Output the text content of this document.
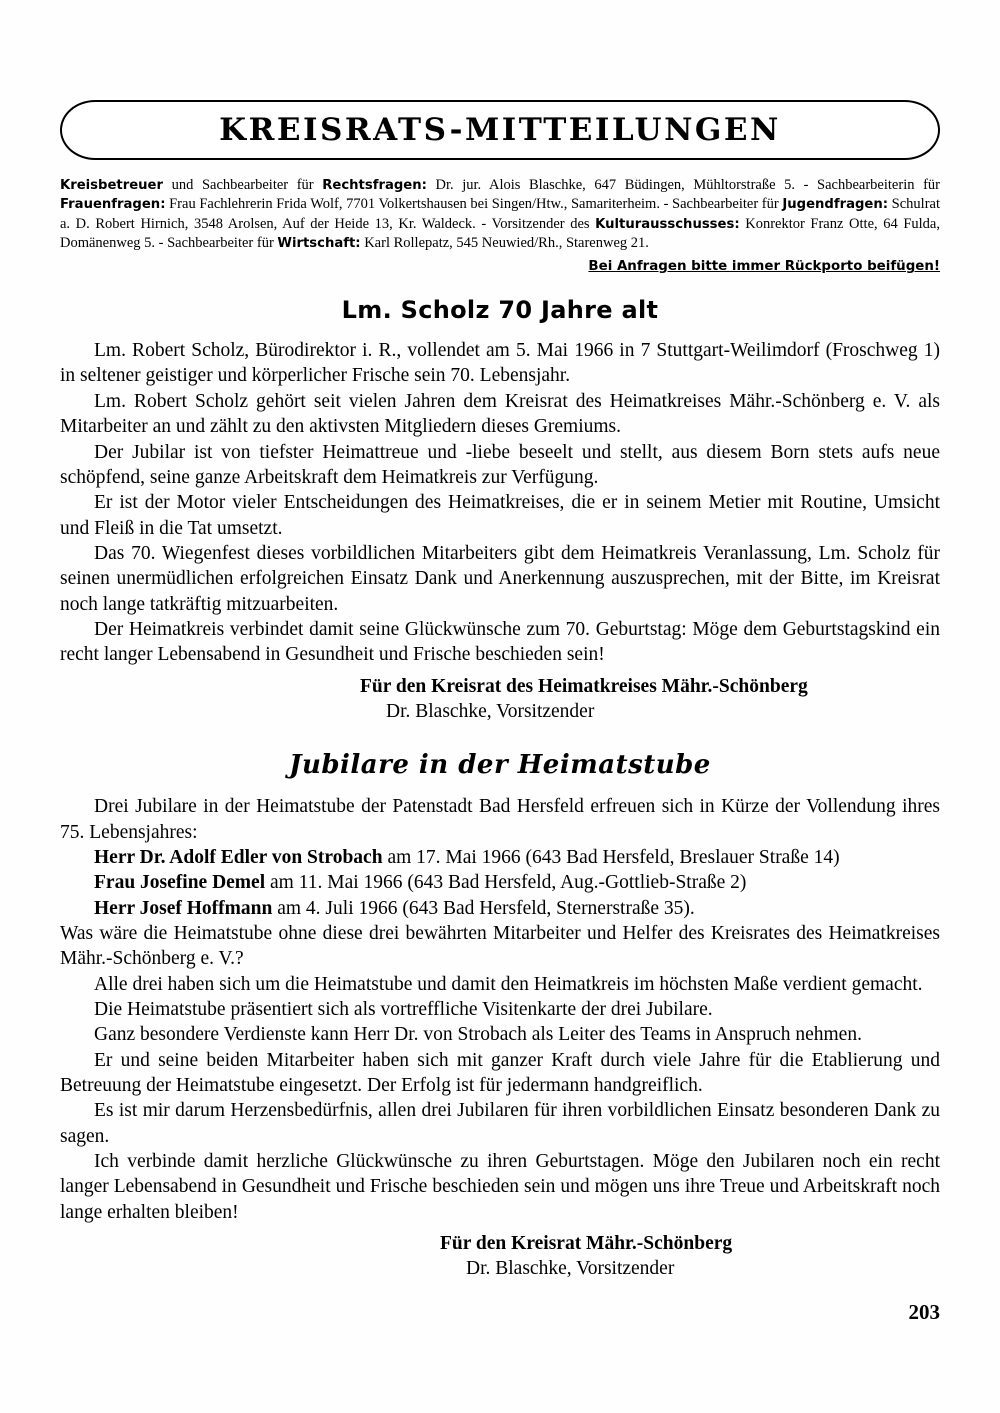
KREISRATS-MITTEILUNGEN
Kreisbetreuer und Sachbearbeiter für Rechtsfragen: Dr. jur. Alois Blaschke, 647 Büdingen, Mühltorstraße 5. - Sachbearbeiterin für Frauenfragen: Frau Fachlehrerin Frida Wolf, 7701 Volkertshausen bei Singen/Htw., Samariterheim. - Sachbearbeiter für Jugendfragen: Schulrat a. D. Robert Hirnich, 3548 Arolsen, Auf der Heide 13, Kr. Waldeck. - Vorsitzender des Kulturausschusses: Konrektor Franz Otte, 64 Fulda, Domänenweg 5. - Sachbearbeiter für Wirtschaft: Karl Rollepatz, 545 Neuwied/Rh., Starenweg 21.
Bei Anfragen bitte immer Rückporto beifügen!
Lm. Scholz 70 Jahre alt

Lm. Robert Scholz, Bürodirektor i. R., vollendet am 5. Mai 1966 in 7 Stuttgart-Weilimdorf (Froschweg 1) in seltener geistiger und körperlicher Frische sein 70. Lebensjahr.

Lm. Robert Scholz gehört seit vielen Jahren dem Kreisrat des Heimatkreises Mähr.-Schönberg e. V. als Mitarbeiter an und zählt zu den aktivsten Mitgliedern dieses Gremiums.

Der Jubilar ist von tiefster Heimattreue und -liebe beseelt und stellt, aus diesem Born stets aufs neue schöpfend, seine ganze Arbeitskraft dem Heimatkreis zur Verfügung.

Er ist der Motor vieler Entscheidungen des Heimatkreises, die er in seinem Metier mit Routine, Umsicht und Fleiß in die Tat umsetzt.

Das 70. Wiegenfest dieses vorbildlichen Mitarbeiters gibt dem Heimatkreis Veranlassung, Lm. Scholz für seinen unermüdlichen erfolgreichen Einsatz Dank und Anerkennung auszusprechen, mit der Bitte, im Kreisrat noch lange tatkräftig mitzuarbeiten.

Der Heimatkreis verbindet damit seine Glückwünsche zum 70. Geburtstag: Möge dem Geburtstagskind ein recht langer Lebensabend in Gesundheit und Frische beschieden sein!

Für den Kreisrat des Heimatkreises Mähr.-Schönberg
Dr. Blaschke, Vorsitzender
Jubilare in der Heimatstube

Drei Jubilare in der Heimatstube der Patenstadt Bad Hersfeld erfreuen sich in Kürze der Vollendung ihres 75. Lebensjahres:

Herr Dr. Adolf Edler von Strobach am 17. Mai 1966 (643 Bad Hersfeld, Breslauer Straße 14)

Frau Josefine Demel am 11. Mai 1966 (643 Bad Hersfeld, Aug.-Gottlieb-Straße 2)

Herr Josef Hoffmann am 4. Juli 1966 (643 Bad Hersfeld, Sternerstraße 35).

Was wäre die Heimatstube ohne diese drei bewährten Mitarbeiter und Helfer des Kreisrates des Heimatkreises Mähr.-Schönberg e. V.?

Alle drei haben sich um die Heimatstube und damit den Heimatkreis im höchsten Maße verdient gemacht.

Die Heimatstube präsentiert sich als vortreffliche Visitenkarte der drei Jubilare.

Ganz besondere Verdienste kann Herr Dr. von Strobach als Leiter des Teams in Anspruch nehmen.

Er und seine beiden Mitarbeiter haben sich mit ganzer Kraft durch viele Jahre für die Etablierung und Betreuung der Heimatstube eingesetzt. Der Erfolg ist für jedermann handgreiflich.

Es ist mir darum Herzensbedürfnis, allen drei Jubilaren für ihren vorbildlichen Einsatz besonderen Dank zu sagen.

Ich verbinde damit herzliche Glückwünsche zu ihren Geburtstagen. Möge den Jubilaren noch ein recht langer Lebensabend in Gesundheit und Frische beschieden sein und mögen uns ihre Treue und Arbeitskraft noch lange erhalten bleiben!

Für den Kreisrat Mähr.-Schönberg
Dr. Blaschke, Vorsitzender
203
